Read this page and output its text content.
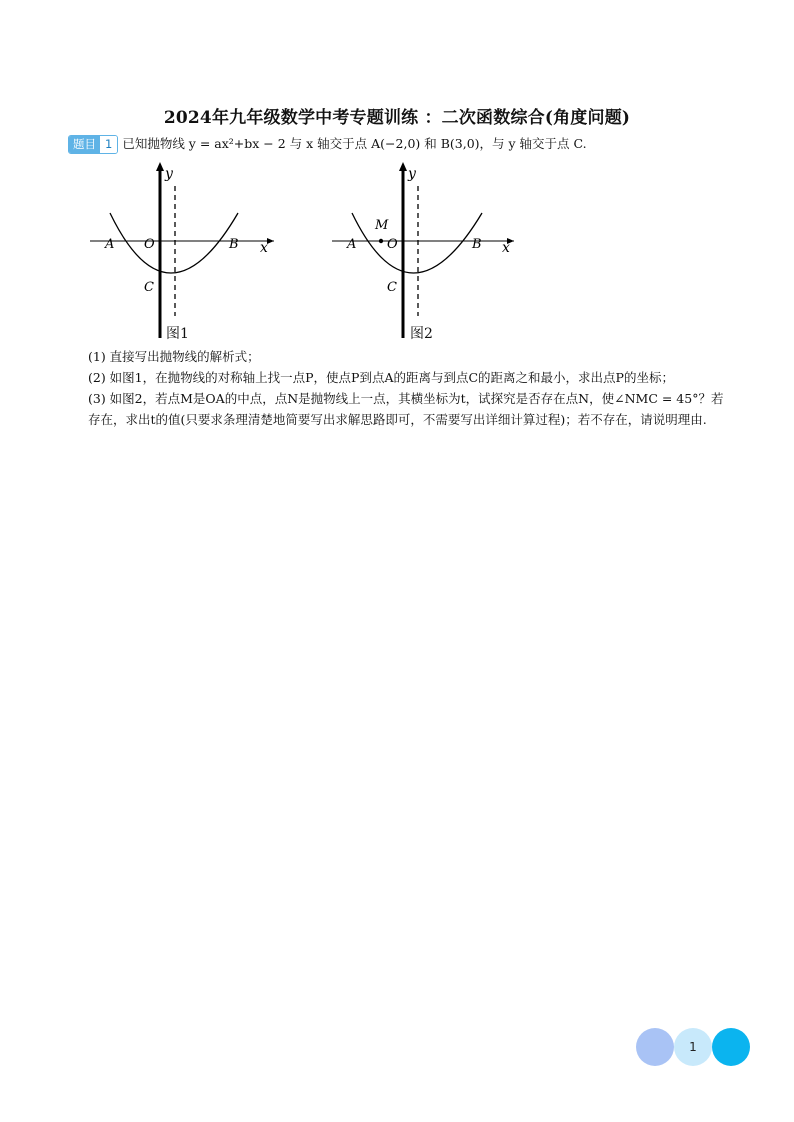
2024年九年级数学中考专题训练 ：二次函数综合(角度问题)
题目 1 已知抛物线 y = ax²+bx − 2 与 x 轴交于点 A(−2,0) 和 B(3,0)，与 y 轴交于点 C.
y
x
A O	B
C
图1
y
x
A
M
O	B
C
图2

(1) 直接写出抛物线的解析式；

(2) 如图1，在抛物线的对称轴上找一点P，使点P到点A的距离与到点C的距离之和最小，求出点P的坐标；

(3) 如图2，若点M是OA的中点，点N是抛物线上一点，其横坐标为t，试探究是否存在点N，使∠NMC = 45°？若存在，求出t的值(只要求条理清楚地简要写出求解思路即可，不需要写出详细计算过程)；若不存在，请说明理由.

1
